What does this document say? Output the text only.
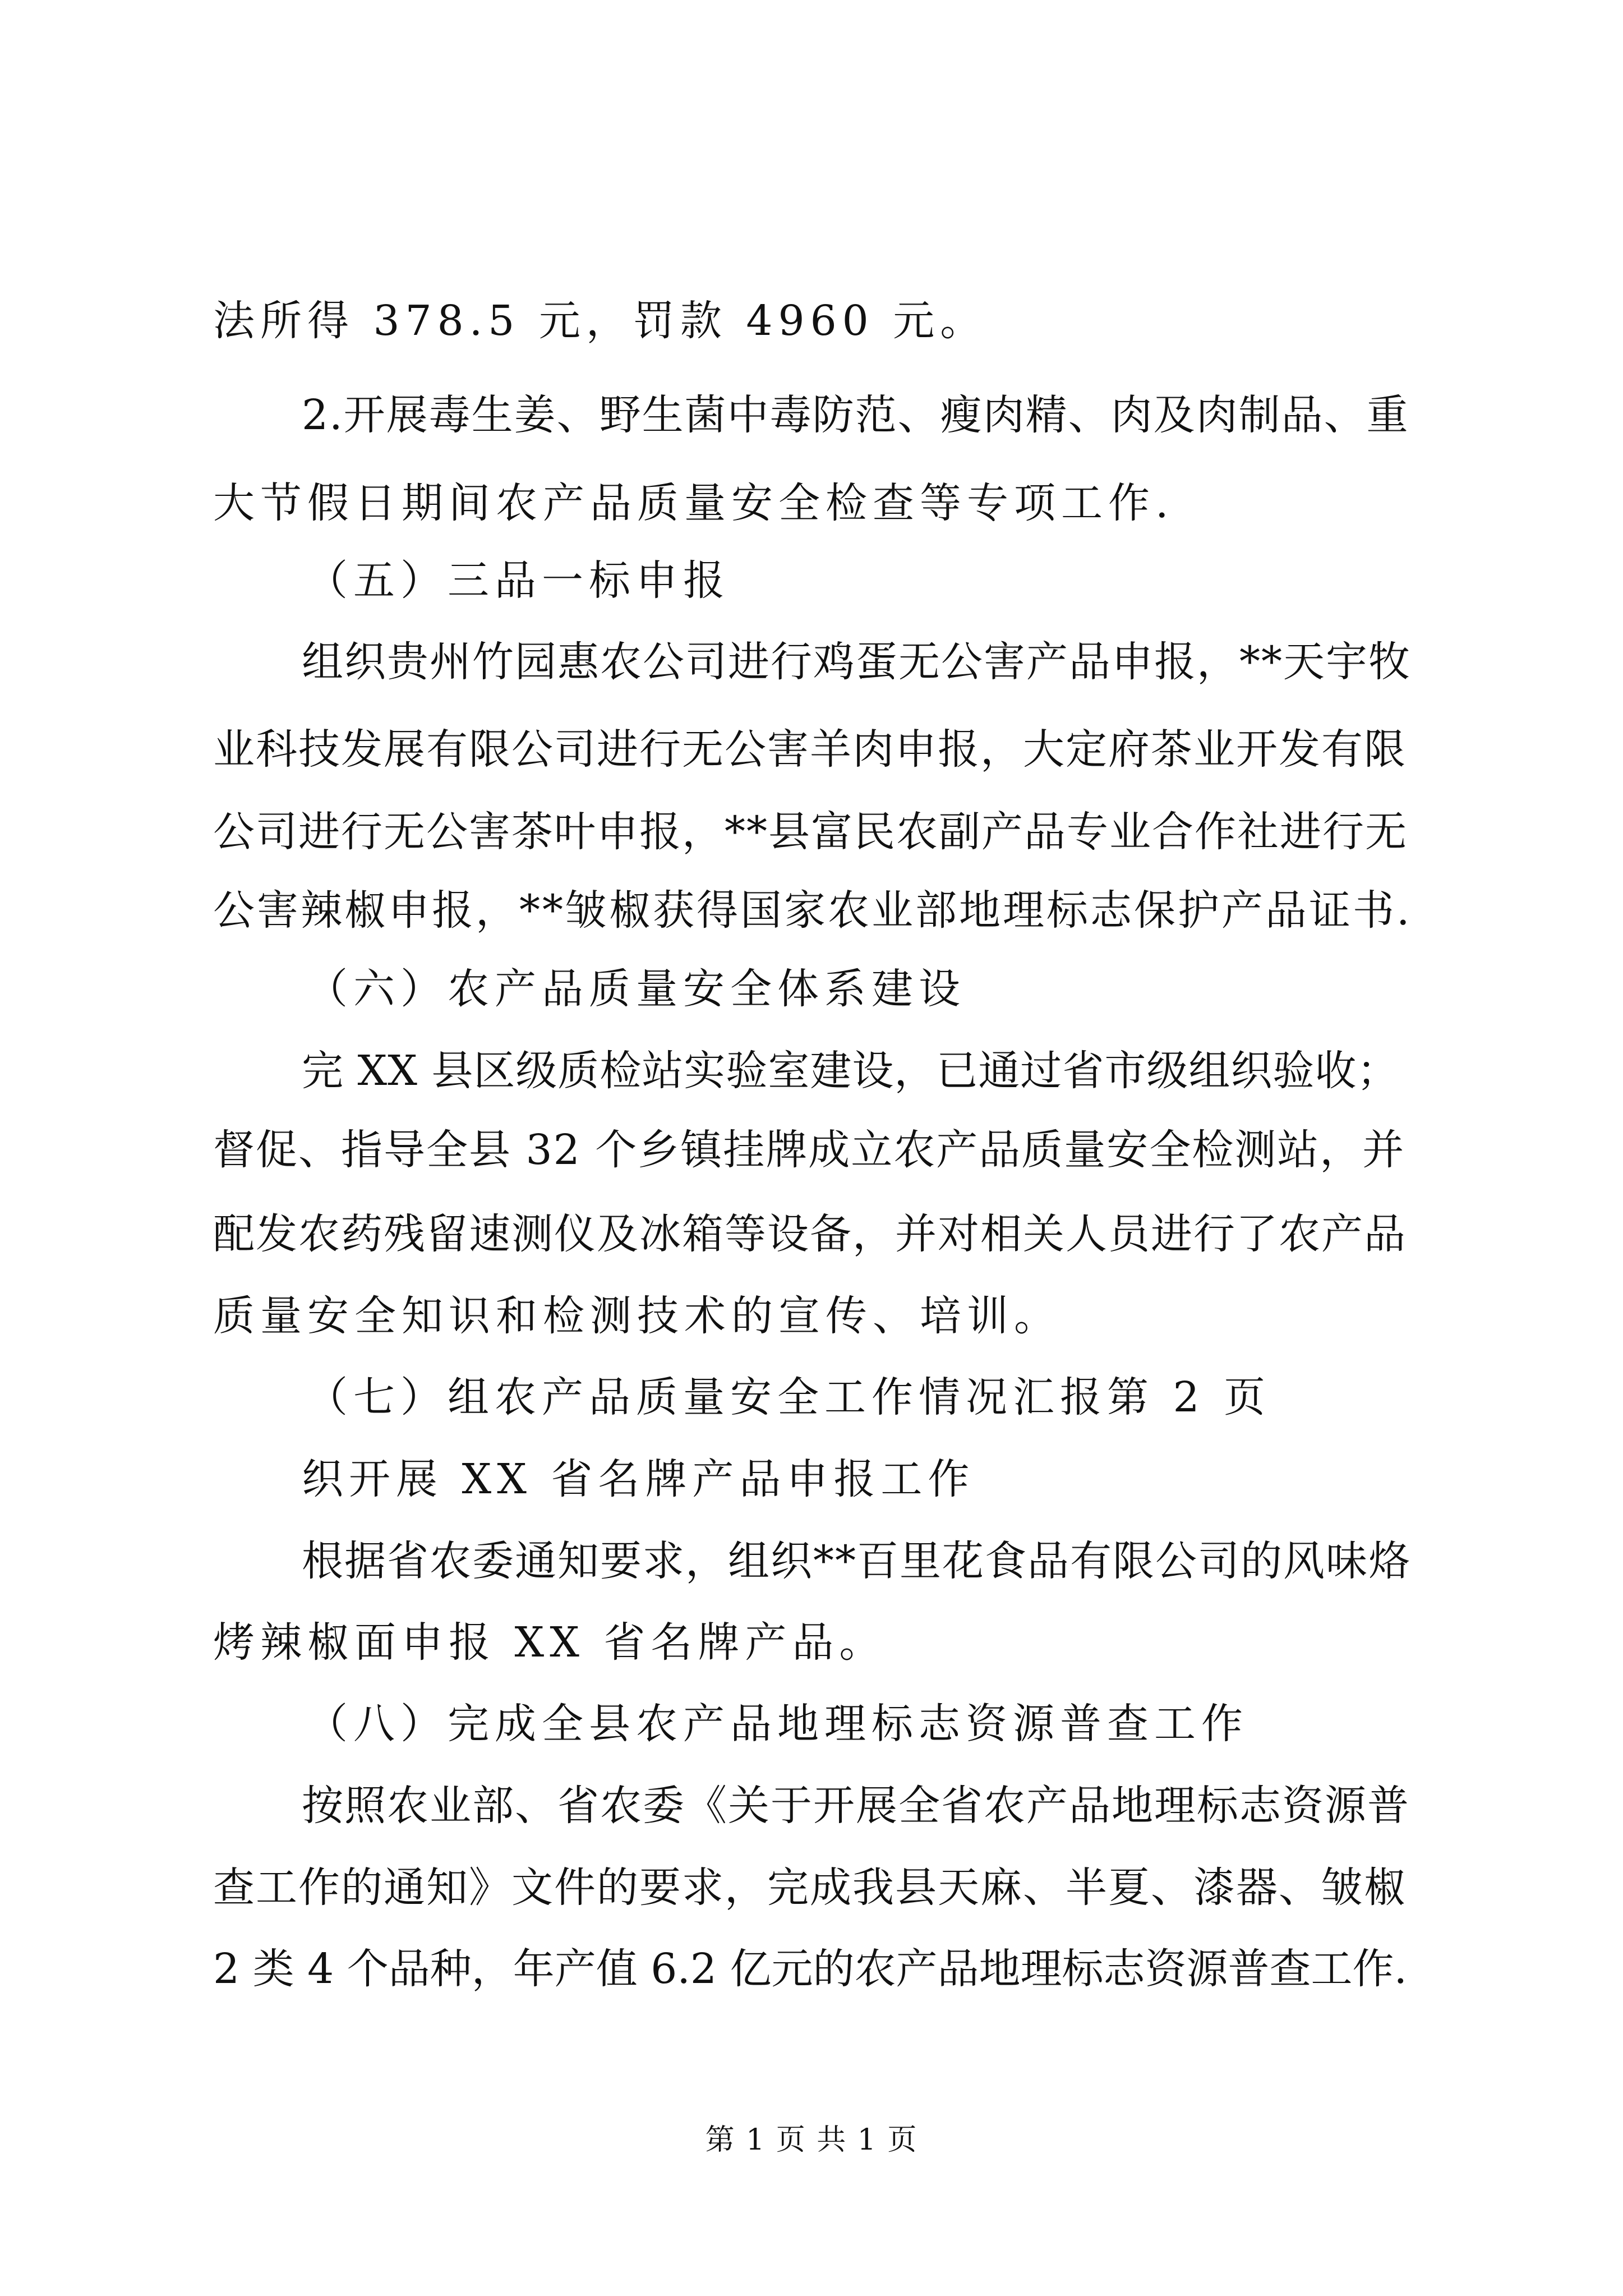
法所得 378.5 元，罚款 4960 元。
2.开展毒生姜、野生菌中毒防范、瘦肉精、肉及肉制品、重
大节假日期间农产品质量安全检查等专项工作.
（五）三品一标申报
组织贵州竹园惠农公司进行鸡蛋无公害产品申报，**天宇牧
业科技发展有限公司进行无公害羊肉申报，大定府茶业开发有限
公司进行无公害茶叶申报，**县富民农副产品专业合作社进行无
公害辣椒申报，**皱椒获得国家农业部地理标志保护产品证书.
（六）农产品质量安全体系建设
完 XX 县区级质检站实验室建设，已通过省市级组织验收；
督促、指导全县 32 个乡镇挂牌成立农产品质量安全检测站，并
配发农药残留速测仪及冰箱等设备，并对相关人员进行了农产品
质量安全知识和检测技术的宣传、培训。
（七）组农产品质量安全工作情况汇报第 2 页
织开展 XX 省名牌产品申报工作
根据省农委通知要求，组织**百里花食品有限公司的风味烙
烤辣椒面申报 XX 省名牌产品。
（八）完成全县农产品地理标志资源普查工作
按照农业部、省农委《关于开展全省农产品地理标志资源普
查工作的通知》文件的要求，完成我县天麻、半夏、漆器、皱椒
2 类 4 个品种，年产值 6.2 亿元的农产品地理标志资源普查工作.
第 1 页 共 1 页
